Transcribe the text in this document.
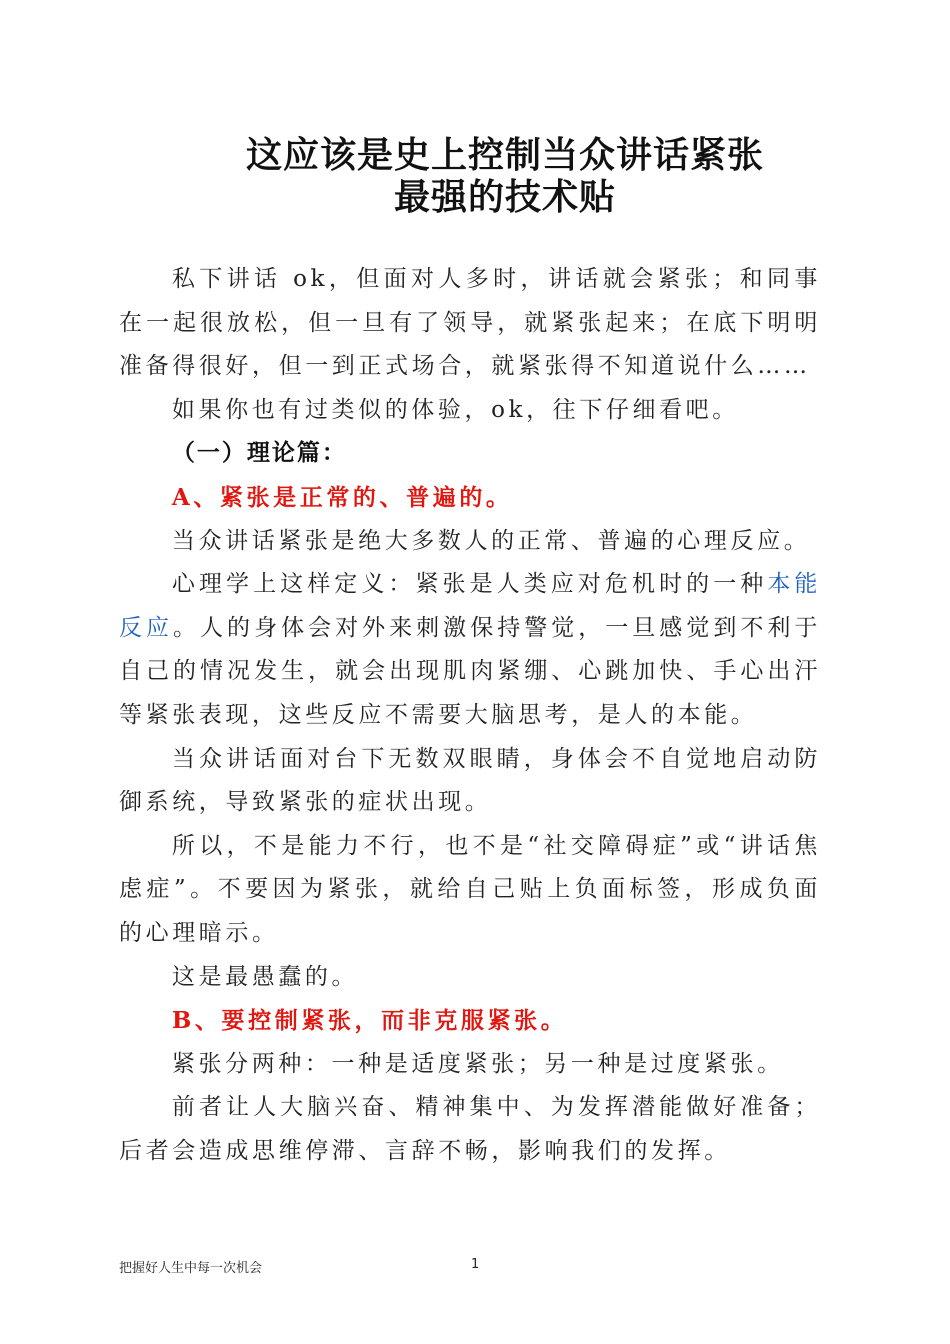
这应该是史上控制当众讲话紧张
最强的技术贴

私下讲话 ok，但面对人多时，讲话就会紧张；和同事在一起很放松，但一旦有了领导，就紧张起来；在底下明明准备得很好，但一到正式场合，就紧张得不知道说什么……

如果你也有过类似的体验，ok，往下仔细看吧。

（一）理论篇：

A、紧张是正常的、普遍的。

当众讲话紧张是绝大多数人的正常、普遍的心理反应。

心理学上这样定义：紧张是人类应对危机时的一种本能反应。人的身体会对外来刺激保持警觉，一旦感觉到不利于自己的情况发生，就会出现肌肉紧绷、心跳加快、手心出汗等紧张表现，这些反应不需要大脑思考，是人的本能。

当众讲话面对台下无数双眼睛，身体会不自觉地启动防御系统，导致紧张的症状出现。

所以，不是能力不行，也不是“社交障碍症”或“讲话焦虑症”。不要因为紧张，就给自己贴上负面标签，形成负面的心理暗示。

这是最愚蠢的。

B、要控制紧张，而非克服紧张。

紧张分两种：一种是适度紧张；另一种是过度紧张。

前者让人大脑兴奋、精神集中、为发挥潜能做好准备；后者会造成思维停滞、言辞不畅，影响我们的发挥。

把握好人生中每一次机会	1
